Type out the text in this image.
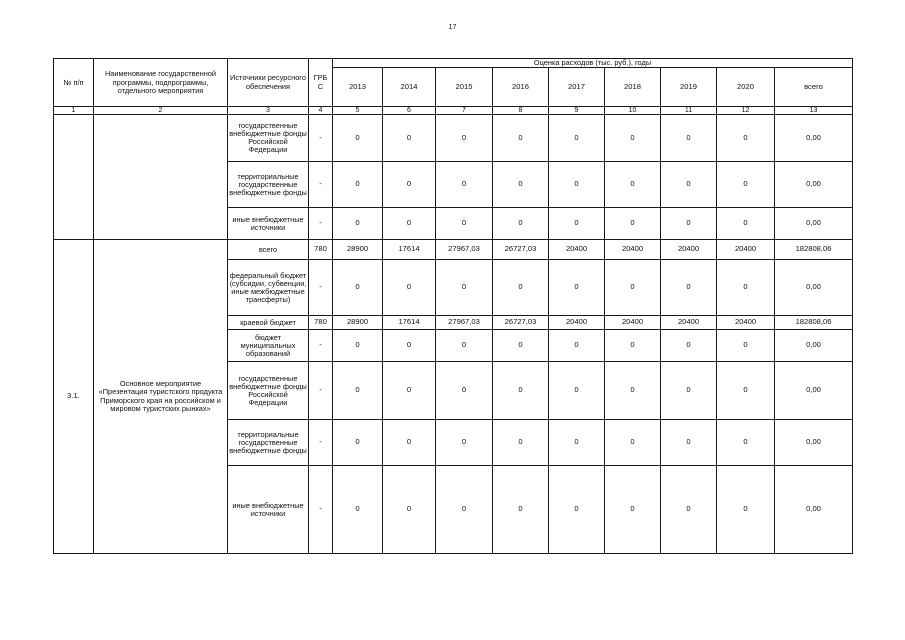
17
№ п/п	Наименование государственной программы, подпрограммы, отдельного мероприятия	Источники ресурсного обеспечения	ГРБ С	Оценка расходов (тыс. руб.), годы								
				2013	2014	2015	2016	2017	2018	2019	2020	всего
1	2	3	4	5	6	7	8	9	10	11	12	13
		государственные внебюджетные фонды Российской Федерации	-	0	0	0	0	0	0	0	0	0,00
		территориальные государственные внебюджетные фонды	-	0	0	0	0	0	0	0	0	0,00
		иные внебюджетные источники	-	0	0	0	0	0	0	0	0	0,00
3.1.	Основное мероприятие «Презентация туристского продукта Приморского края на российском и мировом туристских рынках»	всего	780	28900	17614	27967,03	26727,03	20400	20400	20400	20400	182808,06
		федеральный бюджет (субсидии, субвенции, иные межбюджетные трансферты)	-	0	0	0	0	0	0	0	0	0,00
		краевой бюджет	780	28900	17614	27967,03	26727,03	20400	20400	20400	20400	182808,06
		бюджет муниципальных образований	-	0	0	0	0	0	0	0	0	0,00
		государственные внебюджетные фонды Российской Федерации	-	0	0	0	0	0	0	0	0	0,00
		территориальные государственные внебюджетные фонды	-	0	0	0	0	0	0	0	0	0,00
		иные внебюджетные источники	-	0	0	0	0	0	0	0	0	0,00
